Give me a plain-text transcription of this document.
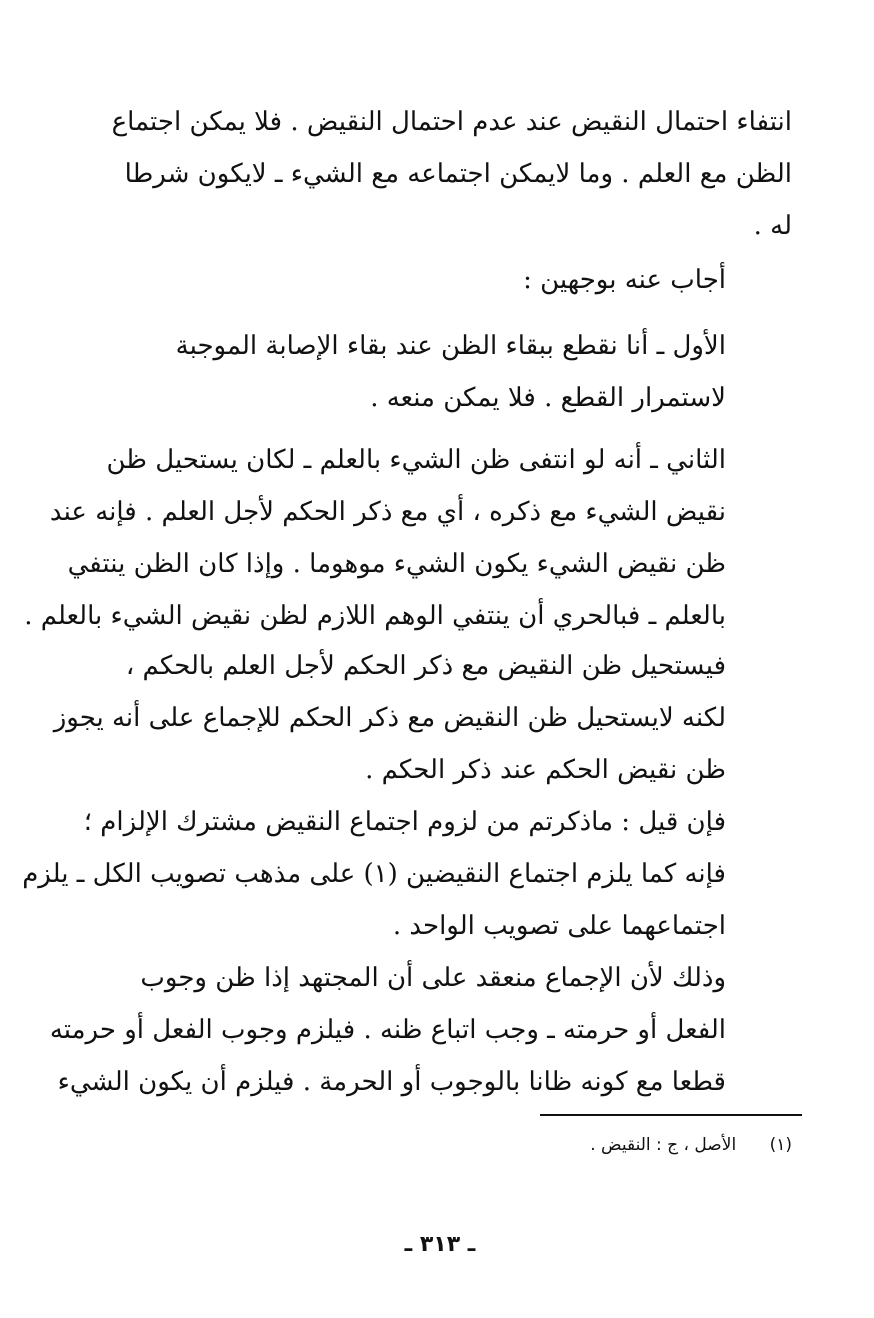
انتفاء احتمال النقيض عند عدم احتمال النقيض . فلا يمكن اجتماع
الظن مع العلم . وما لايمكن اجتماعه مع الشيء ـ لايكون شرطا
له .

أجاب عنه بوجهين :

الأول ـ أنا نقطع ببقاء الظن عند بقاء الإصابة الموجبة
لاستمرار القطع . فلا يمكن منعه .

الثاني ـ أنه لو انتفى ظن الشيء بالعلم ـ لكان يستحيل ظن
نقيض الشيء مع ذكره ، أي مع ذكر الحكم لأجل العلم . فإنه عند
ظن نقيض الشيء يكون الشيء موهوما . وإذا كان الظن ينتفي
بالعلم ـ فبالحري أن ينتفي الوهم اللازم لظن نقيض الشيء بالعلم .

فيستحيل ظن النقيض مع ذكر الحكم لأجل العلم بالحكم ،
لكنه لايستحيل ظن النقيض مع ذكر الحكم للإجماع على أنه يجوز
ظن نقيض الحكم عند ذكر الحكم .

فإن قيل : ماذكرتم من لزوم اجتماع النقيض مشترك الإلزام ؛
فإنه كما يلزم اجتماع النقيضين (١) على مذهب تصويب الكل ـ يلزم
اجتماعهما على تصويب الواحد .

وذلك لأن الإجماع منعقد على أن المجتهد إذا ظن وجوب
الفعل أو حرمته ـ وجب اتباع ظنه . فيلزم وجوب الفعل أو حرمته
قطعا مع كونه ظانا بالوجوب أو الحرمة . فيلزم أن يكون الشيء

(١) الأصل ، ج : النقيض .
ـ ٣١٣ ـ
